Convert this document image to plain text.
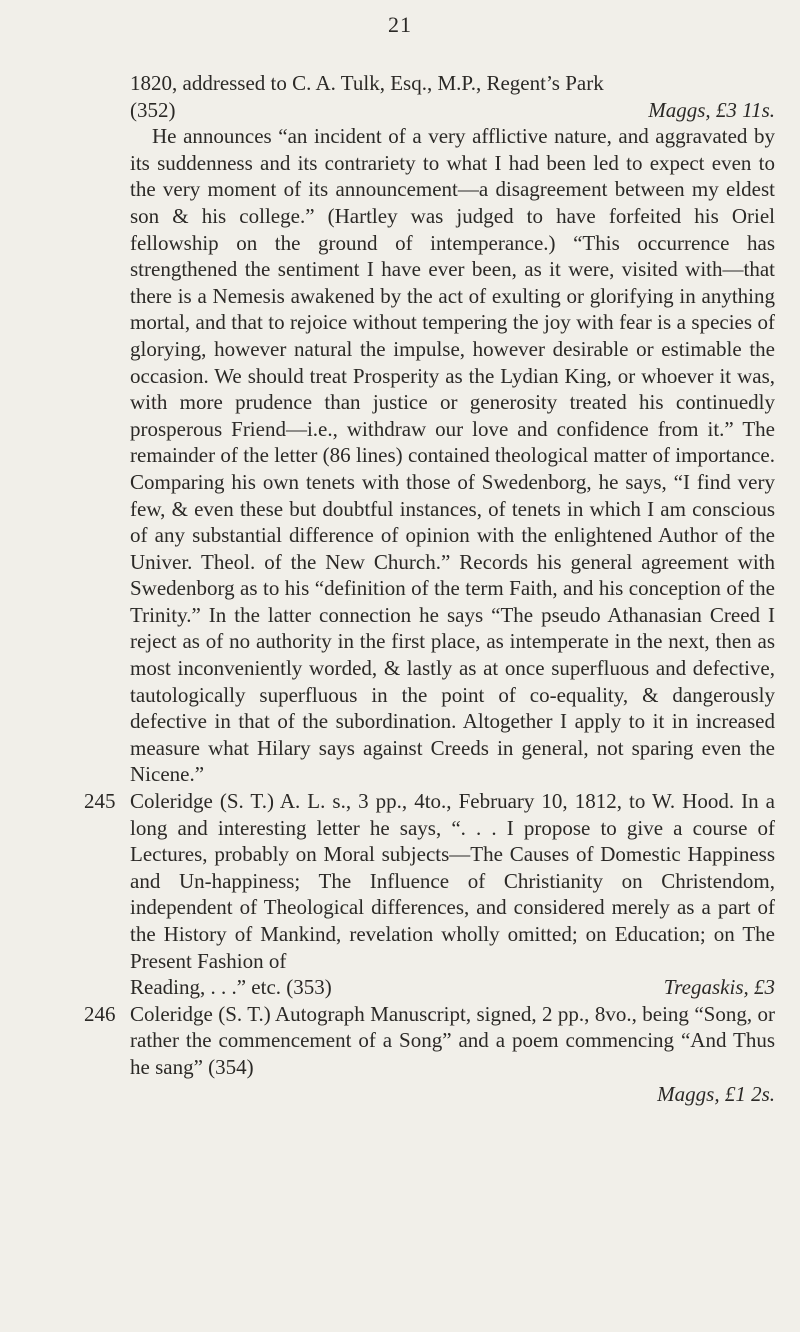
21

1820, addressed to C. A. Tulk, Esq., M.P., Regent’s Park

(352)	Maggs, £3 11s.

He announces “an incident of a very afflictive nature, and aggravated by its suddenness and its contrariety to what I had been led to expect even to the very moment of its announcement—a disagreement between my eldest son & his college.” (Hartley was judged to have forfeited his Oriel fellowship on the ground of intemperance.) “This occurrence has strengthened the sentiment I have ever been, as it were, visited with—that there is a Nemesis awakened by the act of exulting or glorifying in anything mortal, and that to rejoice without tempering the joy with fear is a species of glorying, however natural the impulse, however desirable or estimable the occasion. We should treat Prosperity as the Lydian King, or whoever it was, with more prudence than justice or generosity treated his continuedly prosperous Friend—i.e., withdraw our love and confidence from it.” The remainder of the letter (86 lines) contained theological matter of importance. Comparing his own tenets with those of Swedenborg, he says, “I find very few, & even these but doubtful instances, of tenets in which I am conscious of any substantial difference of opinion with the enlightened Author of the Univer. Theol. of the New Church.” Records his general agreement with Swedenborg as to his “definition of the term Faith, and his conception of the Trinity.” In the latter connection he says “The pseudo Athanasian Creed I reject as of no authority in the first place, as intemperate in the next, then as most inconveniently worded, & lastly as at once superfluous and defective, tautologically superfluous in the point of co-equality, & dangerously defective in that of the subordination. Altogether I apply to it in increased measure what Hilary says against Creeds in general, not sparing even the Nicene.”

245 Coleridge (S. T.) A. L. s., 3 pp., 4to., February 10, 1812, to W. Hood. In a long and interesting letter he says, “. . . I propose to give a course of Lectures, probably on Moral subjects—The Causes of Domestic Happiness and Un-happiness; The Influence of Christianity on Christendom, independent of Theological differences, and considered merely as a part of the History of Mankind, revelation wholly omitted; on Education; on The Present Fashion of

Reading, . . .” etc. (353)	Tregaskis, £3
246 Coleridge (S. T.) Autograph Manuscript, signed, 2 pp., 8vo., being “Song, or rather the commencement of a Song” and a poem commencing “And Thus he sang” (354)

Maggs, £1 2s.
